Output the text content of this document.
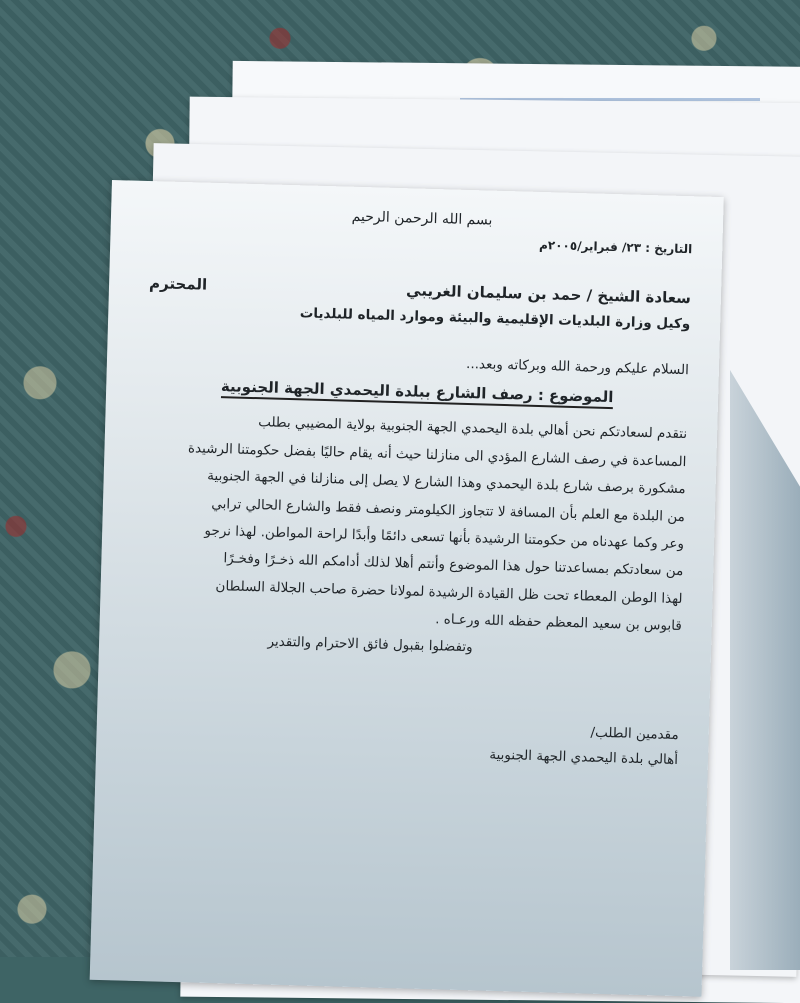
بسم الله الرحمن الرحيم

التاريخ : ٢٣/ فبراير/٢٠٠٥م

سعادة الشيخ / حمد بن سليمان الغريبي
المحترم

وكيل وزارة البلديات الإقليمية والبيئة وموارد المياه للبلديات

السلام عليكم ورحمة الله وبركاته وبعد...

الموضوع : رصف الشارع ببلدة اليحمدي الجهة الجنوبية

نتقدم لسعادتكم نحن أهالي بلدة اليحمدي الجهة الجنوبية بولاية المضيبي بطلب
المساعدة في رصف الشارع المؤدي الى منازلنا حيث أنه يقام حاليًا بفضل حكومتنا الرشيدة
مشكورة برصف شارع بلدة اليحمدي وهذا الشارع لا يصل إلى منازلنا في الجهة الجنوبية
من البلدة مع العلم بأن المسافة لا تتجاوز الكيلومتر ونصف فقط والشارع الحالي ترابي
وعر وكما عهدناه من حكومتنا الرشيدة بأنها تسعى دائمًا وأبدًا لراحة المواطن. لهذا نرجو
من سعادتكم بمساعدتنا حول هذا الموضوع وأنتم أهلا لذلك أدامكم الله ذخـرًا وفخـرًا
لهذا الوطن المعطاء تحت ظل القيادة الرشيدة لمولانا حضرة صاحب الجلالة السلطان
قابوس بن سعيد المعظم حفظه الله ورعـاه .

وتفضلوا بقبول فائق الاحترام والتقدير

مقدمين الطلب/

أهالي بلدة اليحمدي الجهة الجنوبية
